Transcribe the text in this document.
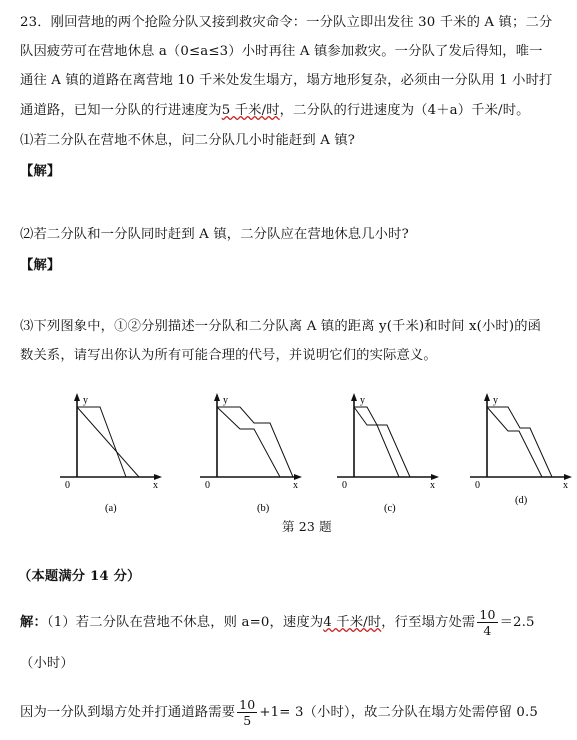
23．刚回营地的两个抢险分队又接到救灾命令：一分队立即出发往 30 千米的 A 镇；二分
队因疲劳可在营地休息 a（0≤a≤3）小时再往 A 镇参加救灾。一分队了发后得知，唯一
通往 A 镇的道路在离营地 10 千米处发生塌方，塌方地形复杂，必须由一分队用 1 小时打
通道路，已知一分队的行进速度为5 千米/时，二分队的行进速度为（4＋a）千米/时。
⑴若二分队在营地不休息，问二分队几小时能赶到 A 镇?
【解】
⑵若二分队和一分队同时赶到 A 镇，二分队应在营地休息几小时?
【解】
⑶下列图象中，①②分别描述一分队和二分队离 A 镇的距离 y(千米)和时间 x(小时)的函
数关系，请写出你认为所有可能合理的代号，并说明它们的实际意义。
y
x
0
(a)
y
x
0
(b)
y
x
0
(c)
y
x
0
(d)
第 23 题
（本题满分 14 分）
解：（1）若二分队在营地不休息，则 a=0，速度为4 千米/时，行至塌方处需 $\frac{10}{4} =2.5$
（小时）
因为一分队到塌方处并打通道路需要 $\frac{10}{5} +1= 3$（小时），故二分队在塌方处需停留 0.5
